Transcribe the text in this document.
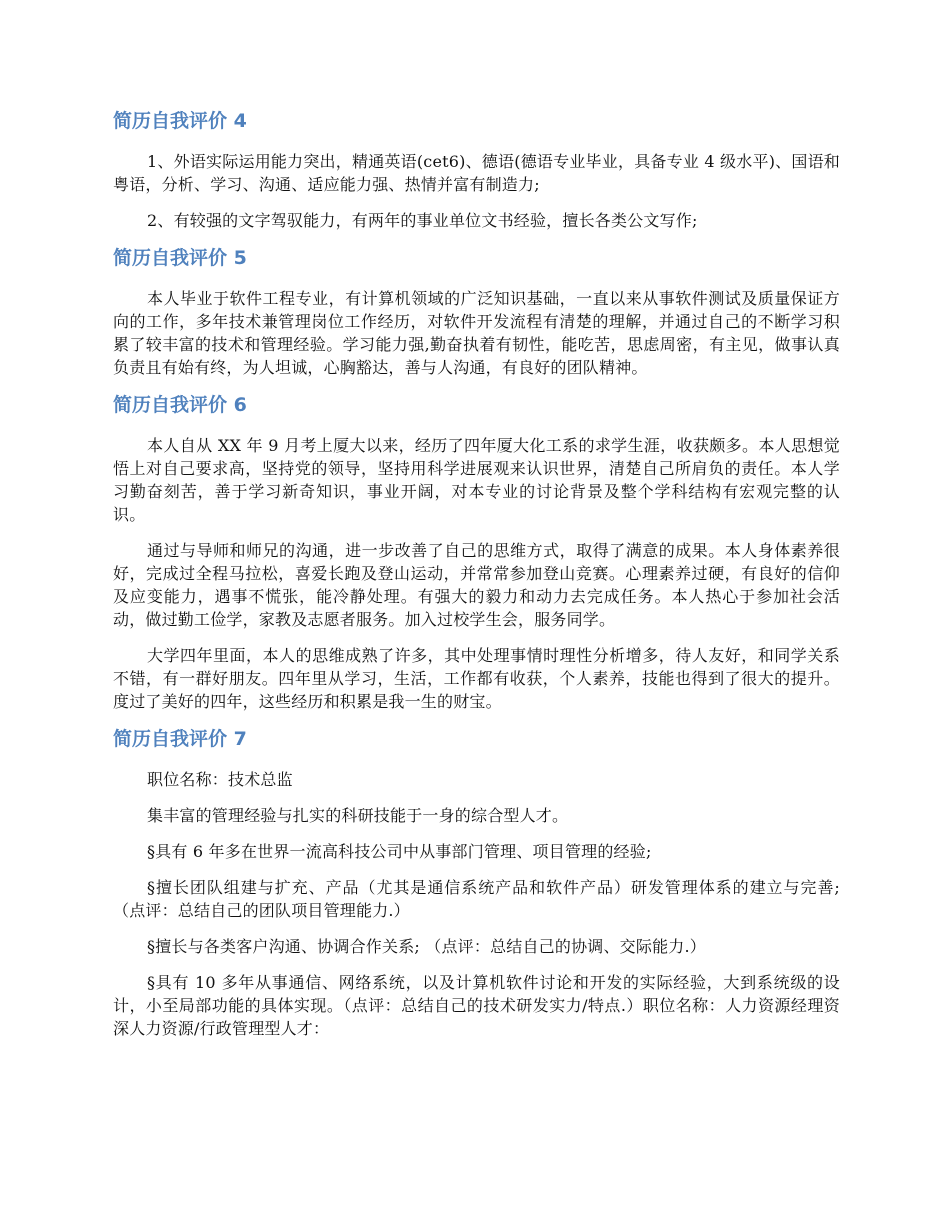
简历自我评价 4

1、外语实际运用能力突出，精通英语(cet6)、德语(德语专业毕业，具备专业 4 级水平)、国语和粤语，分析、学习、沟通、适应能力强、热情并富有制造力;

2、有较强的文字驾驭能力，有两年的事业单位文书经验，擅长各类公文写作;

简历自我评价 5

本人毕业于软件工程专业，有计算机领域的广泛知识基础，一直以来从事软件测试及质量保证方向的工作，多年技术兼管理岗位工作经历，对软件开发流程有清楚的理解，并通过自己的不断学习积累了较丰富的技术和管理经验。学习能力强,勤奋执着有韧性，能吃苦，思虑周密，有主见，做事认真负责且有始有终，为人坦诚，心胸豁达，善与人沟通，有良好的团队精神。

简历自我评价 6

本人自从 XX 年 9 月考上厦大以来，经历了四年厦大化工系的求学生涯，收获颇多。本人思想觉悟上对自己要求高，坚持党的领导，坚持用科学进展观来认识世界，清楚自己所肩负的责任。本人学习勤奋刻苦，善于学习新奇知识，事业开阔，对本专业的讨论背景及整个学科结构有宏观完整的认识。

通过与导师和师兄的沟通，进一步改善了自己的思维方式，取得了满意的成果。本人身体素养很好，完成过全程马拉松，喜爱长跑及登山运动，并常常参加登山竞赛。心理素养过硬，有良好的信仰及应变能力，遇事不慌张，能冷静处理。有强大的毅力和动力去完成任务。本人热心于参加社会活动，做过勤工俭学，家教及志愿者服务。加入过校学生会，服务同学。

大学四年里面，本人的思维成熟了许多，其中处理事情时理性分析增多，待人友好，和同学关系不错，有一群好朋友。四年里从学习，生活，工作都有收获，个人素养，技能也得到了很大的提升。度过了美好的四年，这些经历和积累是我一生的财宝。

简历自我评价 7

职位名称：技术总监

集丰富的管理经验与扎实的科研技能于一身的综合型人才。

§具有 6 年多在世界一流高科技公司中从事部门管理、项目管理的经验;

§擅长团队组建与扩充、产品（尤其是通信系统产品和软件产品）研发管理体系的建立与完善; （点评：总结自己的团队项目管理能力.）

§擅长与各类客户沟通、协调合作关系; （点评：总结自己的协调、交际能力.）

§具有 10 多年从事通信、网络系统，以及计算机软件讨论和开发的实际经验，大到系统级的设计，小至局部功能的具体实现。（点评：总结自己的技术研发实力/特点.）职位名称：人力资源经理资深人力资源/行政管理型人才：
